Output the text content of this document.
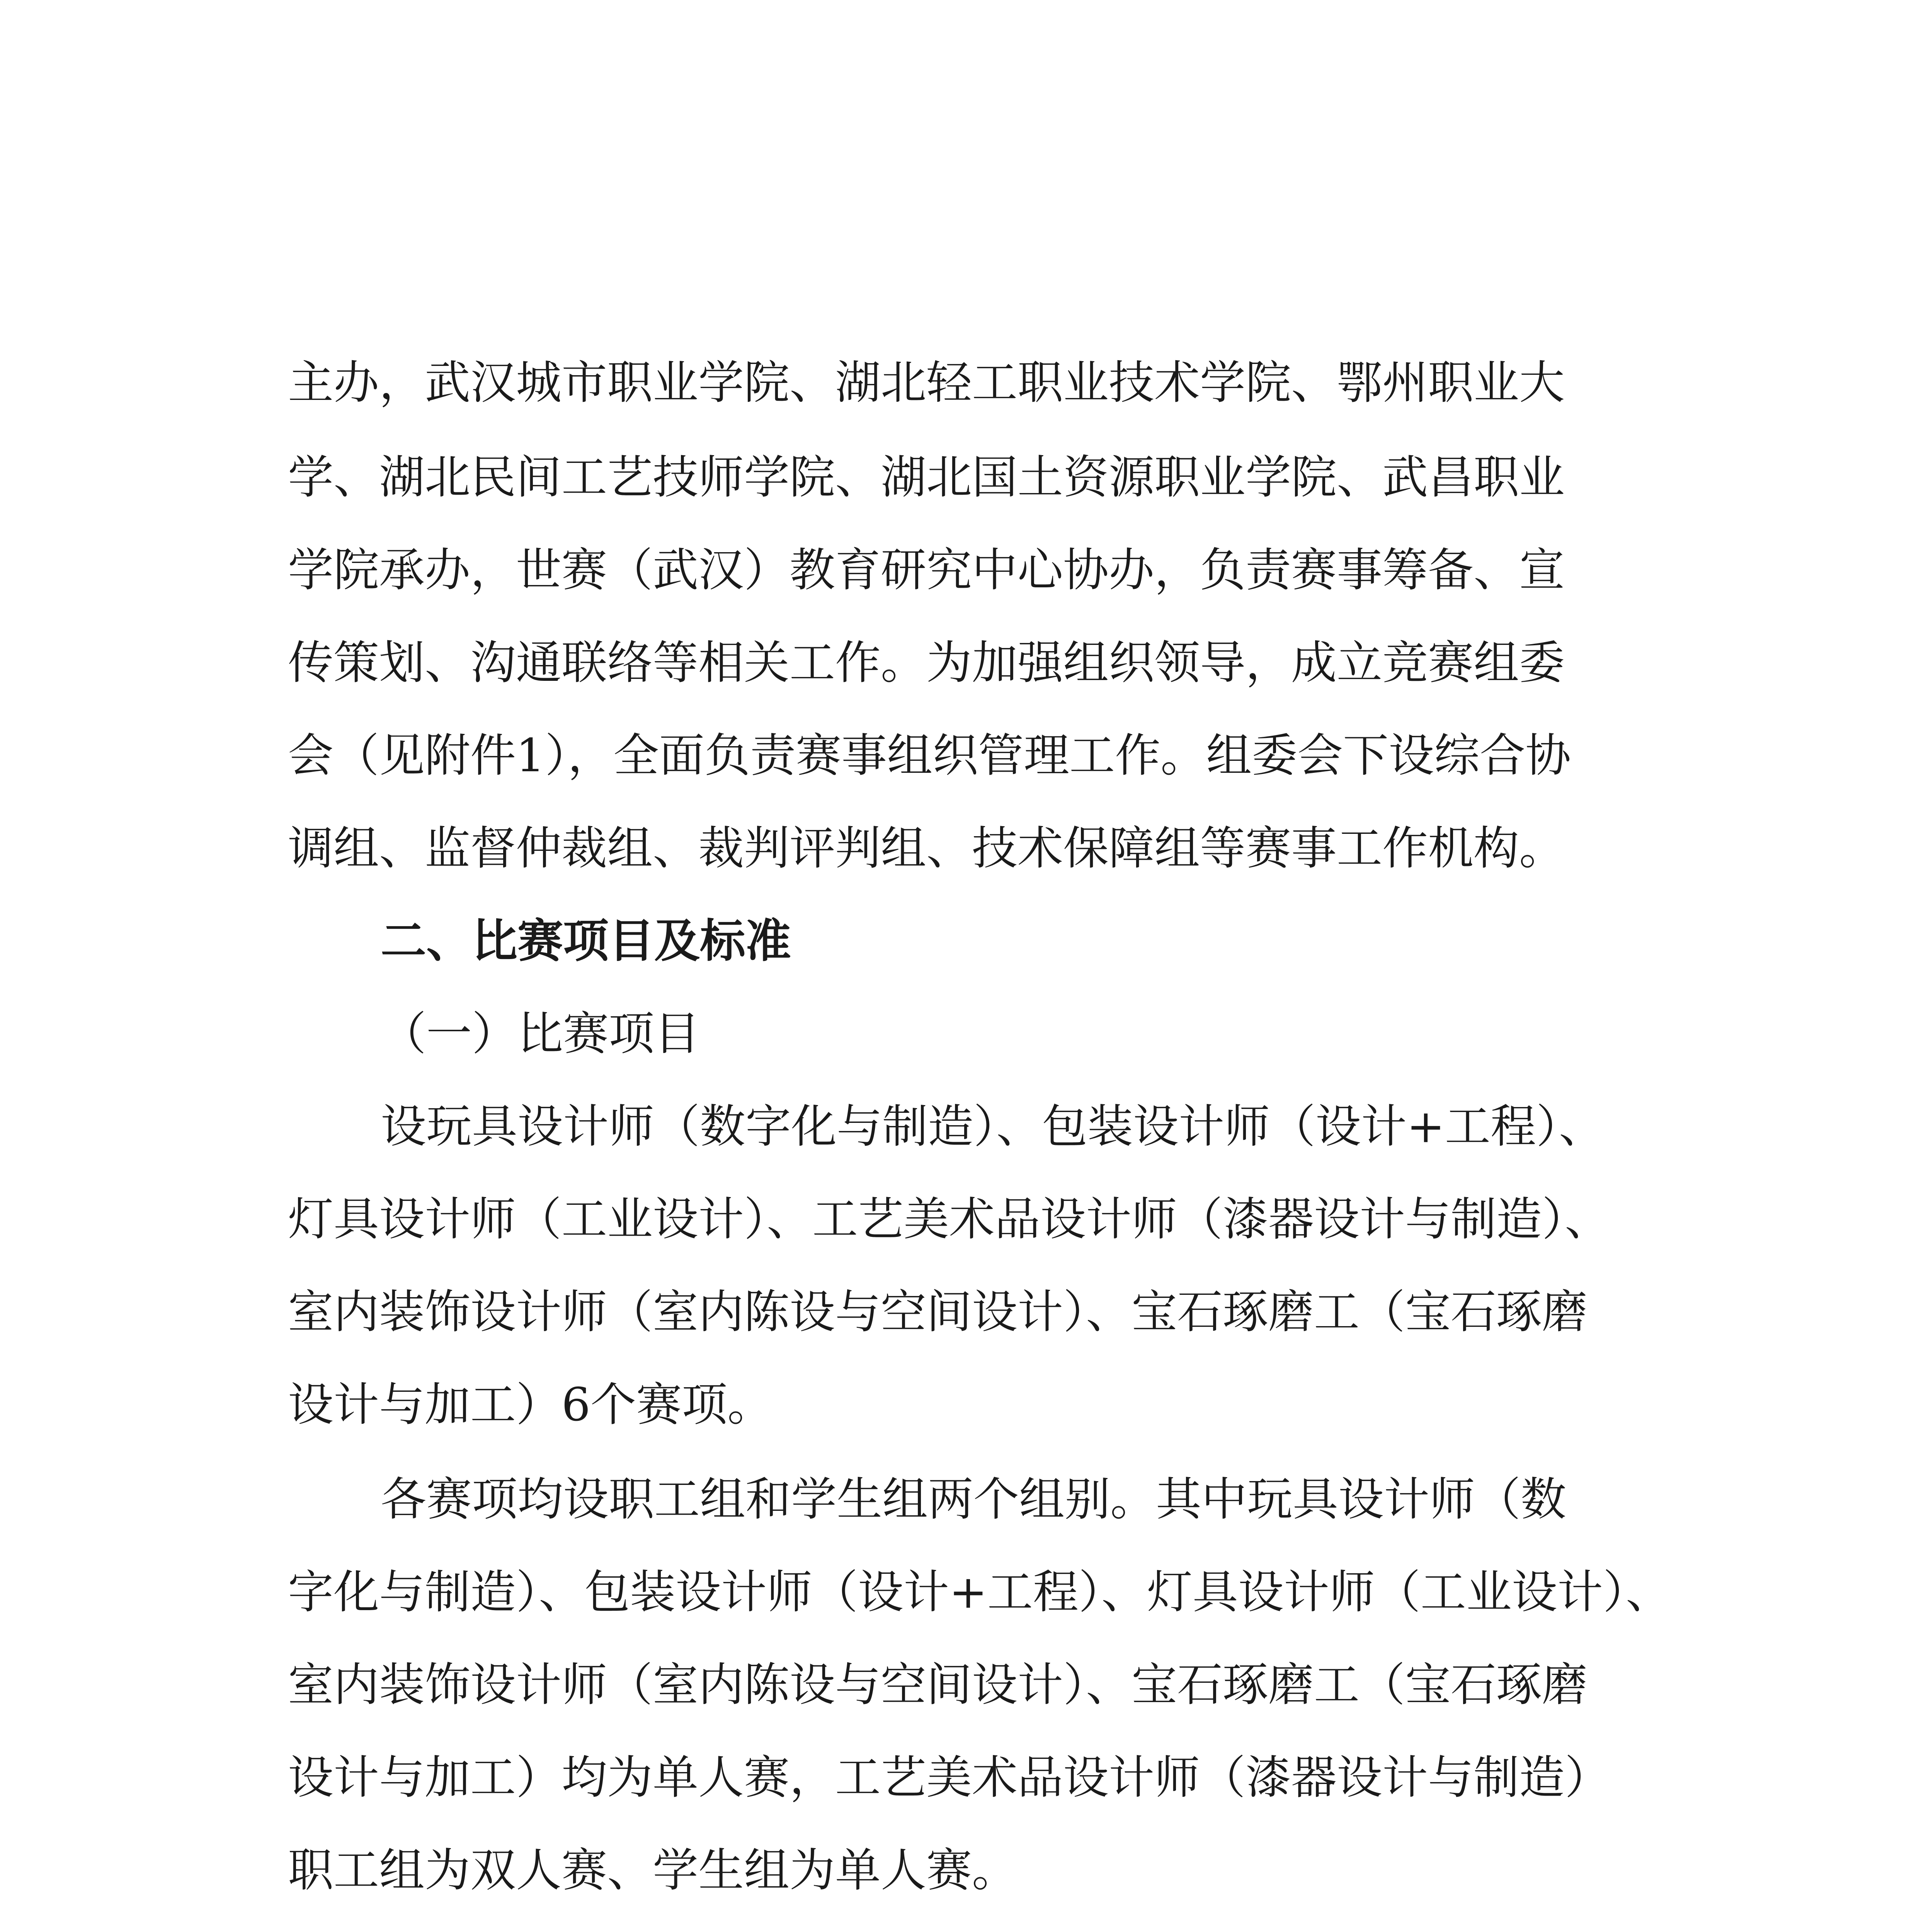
主办，武汉城市职业学院、湖北轻工职业技术学院、鄂州职业大
学、湖北民间工艺技师学院、湖北国土资源职业学院、武昌职业
学院承办，世赛（武汉）教育研究中心协办，负责赛事筹备、宣
传策划、沟通联络等相关工作。为加强组织领导，成立竞赛组委
会（见附件1），全面负责赛事组织管理工作。组委会下设综合协
调组、监督仲裁组、裁判评判组、技术保障组等赛事工作机构。
二、比赛项目及标准
（一）比赛项目
设玩具设计师（数字化与制造）、包装设计师（设计+工程）、
灯具设计师（工业设计）、工艺美术品设计师（漆器设计与制造）、
室内装饰设计师（室内陈设与空间设计）、宝石琢磨工（宝石琢磨
设计与加工）6个赛项。
各赛项均设职工组和学生组两个组别。其中玩具设计师（数
字化与制造）、包装设计师（设计+工程）、灯具设计师（工业设计）、
室内装饰设计师（室内陈设与空间设计）、宝石琢磨工（宝石琢磨
设计与加工）均为单人赛，工艺美术品设计师（漆器设计与制造）
职工组为双人赛、学生组为单人赛。
